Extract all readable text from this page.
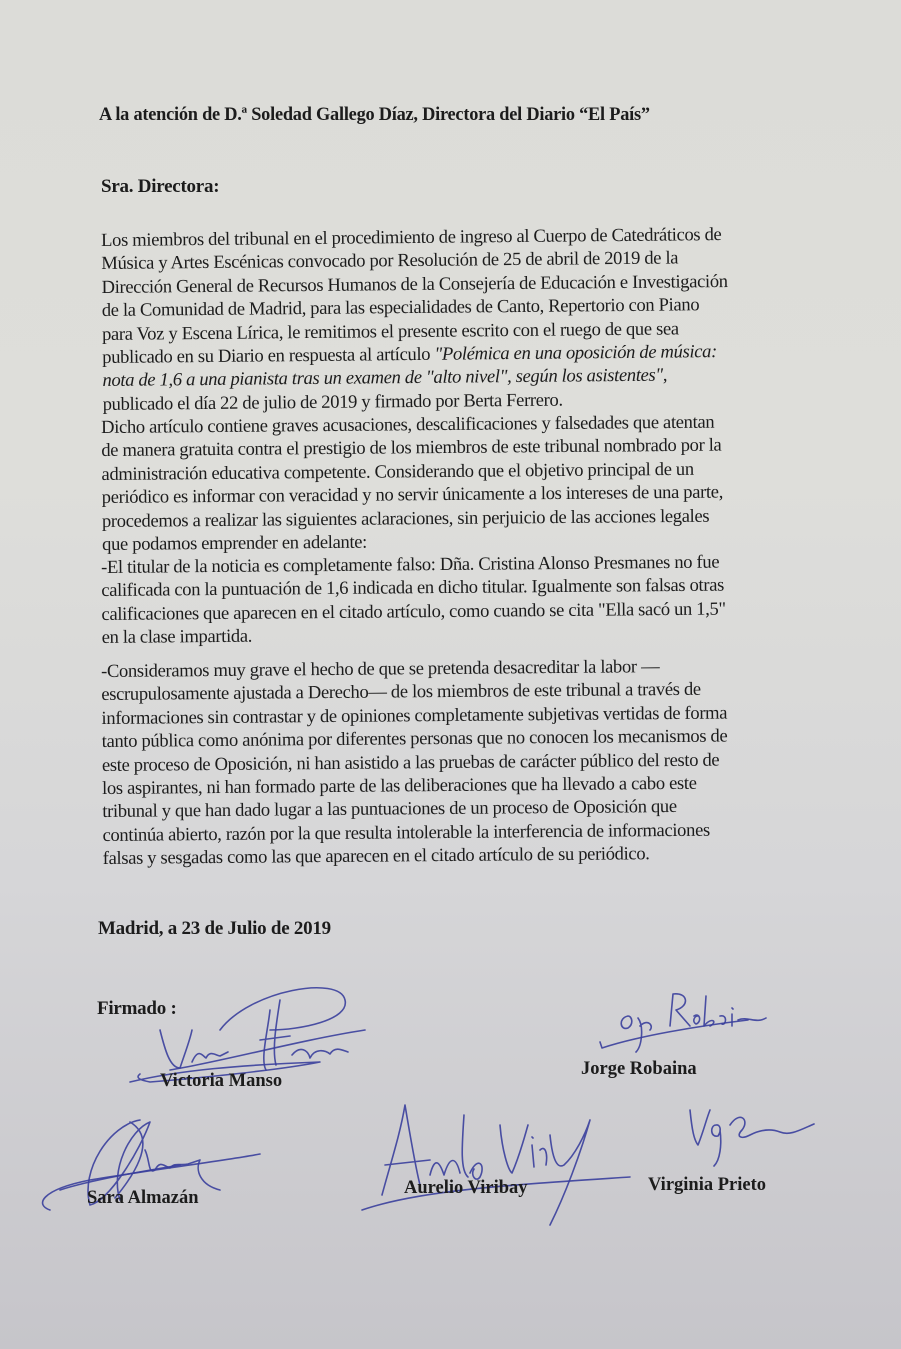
A la atención de D.ª Soledad Gallego Díaz, Directora del Diario “El País”
Sra. Directora:
Los miembros del tribunal en el procedimiento de ingreso al Cuerpo de Catedráticos de
Música y Artes Escénicas convocado por Resolución de 25 de abril de 2019 de la
Dirección General de Recursos Humanos de la Consejería de Educación e Investigación
de la Comunidad de Madrid, para las especialidades de Canto, Repertorio con Piano
para Voz y Escena Lírica, le remitimos el presente escrito con el ruego de que sea
publicado en su Diario en respuesta al artículo "Polémica en una oposición de música:
nota de 1,6 a una pianista tras un examen de "alto nivel", según los asistentes",
publicado el día 22 de julio de 2019 y firmado por Berta Ferrero.
Dicho artículo contiene graves acusaciones, descalificaciones y falsedades que atentan
de manera gratuita contra el prestigio de los miembros de este tribunal nombrado por la
administración educativa competente. Considerando que el objetivo principal de un
periódico es informar con veracidad y no servir únicamente a los intereses de una parte,
procedemos a realizar las siguientes aclaraciones, sin perjuicio de las acciones legales
que podamos emprender en adelante:
-El titular de la noticia es completamente falso: Dña. Cristina Alonso Presmanes no fue
calificada con la puntuación de 1,6 indicada en dicho titular. Igualmente son falsas otras
calificaciones que aparecen en el citado artículo, como cuando se cita "Ella sacó un 1,5"
en la clase impartida.
-Consideramos muy grave el hecho de que se pretenda desacreditar la labor —
escrupulosamente ajustada a Derecho— de los miembros de este tribunal a través de
informaciones sin contrastar y de opiniones completamente subjetivas vertidas de forma
tanto pública como anónima por diferentes personas que no conocen los mecanismos de
este proceso de Oposición, ni han asistido a las pruebas de carácter público del resto de
los aspirantes, ni han formado parte de las deliberaciones que ha llevado a cabo este
tribunal y que han dado lugar a las puntuaciones de un proceso de Oposición que
continúa abierto, razón por la que resulta intolerable la interferencia de informaciones
falsas y sesgadas como las que aparecen en el citado artículo de su periódico.
Madrid, a 23 de Julio de 2019
Firmado :
Victoria Manso
Jorge Robaina
Sara Almazán	Aurelio Viribay	Virginia Prieto
